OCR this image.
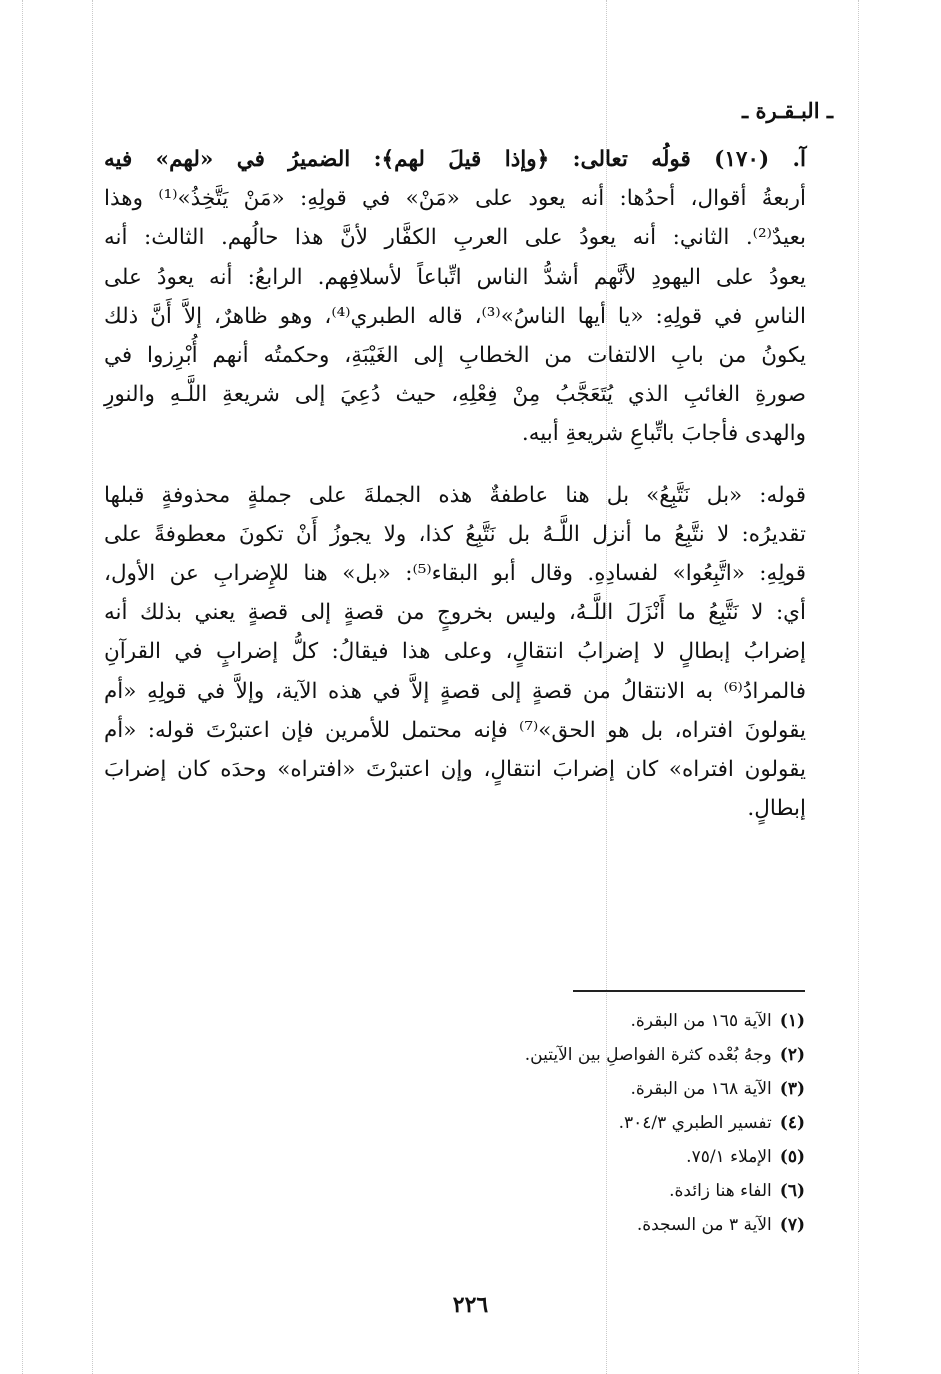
ـ البـقـرة ـ

آ. (١٧٠) قولُه تعالى: ﴿وإذا قيلَ لهم﴾: الضميرُ في «لهم» فيه
أربعةُ أقوال، أحدُها: أنه يعود على «مَنْ» في قولِهِ: «مَنْ يَتَّخِذُ»⁽¹⁾ وهذا
بعيدٌ⁽²⁾. الثاني: أنه يعودُ على العربِ الكفَّار لأنَّ هذا حالُهم. الثالث: أنه
يعودُ على اليهودِ لأنَّهم أشدُّ الناس اتِّباعاً لأسلافِهم. الرابعُ: أنه يعودُ على
الناسِ في قولِهِ: «يا أيها الناسُ»⁽³⁾، قاله الطبري⁽⁴⁾، وهو ظاهرٌ، إلاَّ أَنَّ ذلك
يكونُ من بابِ الالتفات من الخطابِ إلى الغَيْبَةِ، وحكمتُه أنهم أُبْرِزوا في
صورةِ الغائبِ الذي يُتَعَجَّبُ مِنْ فِعْلِهِ، حيث دُعِيَ إلى شريعةِ اللَّـهِ والنورِ
والهدى فأجابَ باتِّباعِ شريعةِ أبيه.

قوله: «بل نَتَّبِعُ» بل هنا عاطفةٌ هذه الجملةَ على جملةٍ محذوفةٍ قبلها
تقديرُه: لا نتَّبِعُ ما أنزل اللَّـهُ بل نَتَّبِعُ كذا، ولا يجوزُ أَنْ تكونَ معطوفةً على
قولِهِ: «اتَّبِعُوا» لفسادِهِ. وقال أبو البقاء⁽⁵⁾: «بل» هنا للإِضرابِ عن الأول،
أي: لا نَتَّبِعُ ما أَنْزَلَ اللَّـهُ، وليس بخروجٍ من قصةٍ إلى قصةٍ يعني بذلك أنه
إضرابُ إبطالٍ لا إضرابُ انتقالٍ، وعلى هذا فيقالُ: كلُّ إضرابٍ في القرآنِ
فالمرادُ⁽⁶⁾ به الانتقالُ من قصةٍ إلى قصةٍ إلاَّ في هذه الآية، وإلاَّ في قولِهِ «أم
يقولونَ افتراه، بل هو الحق»⁽⁷⁾ فإنه محتمل للأمرين فإن اعتبرْتَ قوله: «أم
يقولون افتراه» كان إضرابَ انتقالٍ، وإن اعتبرْتَ «افتراه» وحدَه كان إضرابَ
إبطالٍ.

(١)الآية ١٦٥ من البقرة.
(٢)وجهُ بُعْده كثرة الفواصلِ بين الآيتين.
(٣)الآية ١٦٨ من البقرة.
(٤)تفسير الطبري ٣٠٤/٣.
(٥)الإملاء ٧٥/١.
(٦)الفاء هنا زائدة.
(٧)الآية ٣ من السجدة.
٢٢٦
